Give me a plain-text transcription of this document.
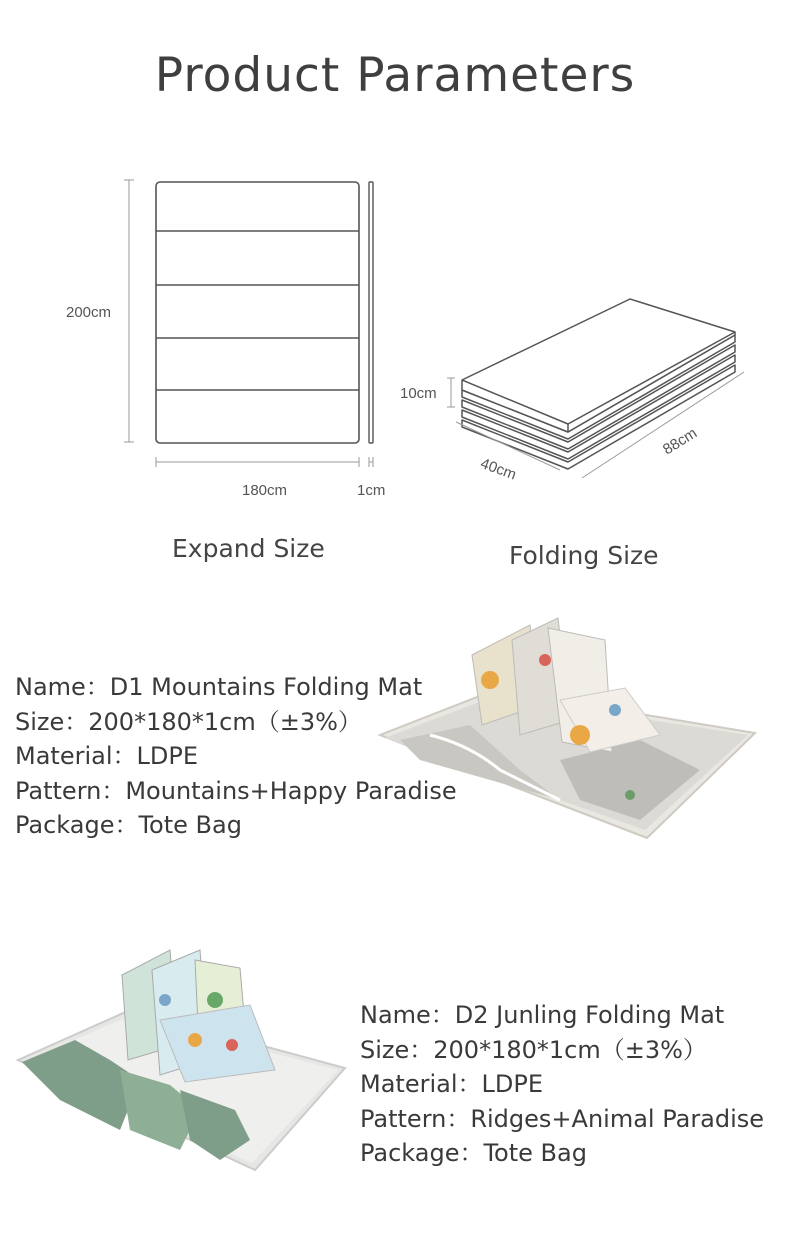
Product Parameters
200cm
180cm	1cm
Expand Size
10cm
40cm
88cm
Folding Size
Name：D1 Mountains Folding Mat
Size：200*180*1cm（±3%）
Material：LDPE
Pattern：Mountains+Happy Paradise
Package：Tote Bag
Name：D2 Junling Folding Mat
Size：200*180*1cm（±3%）
Material：LDPE
Pattern：Ridges+Animal Paradise
Package：Tote Bag
